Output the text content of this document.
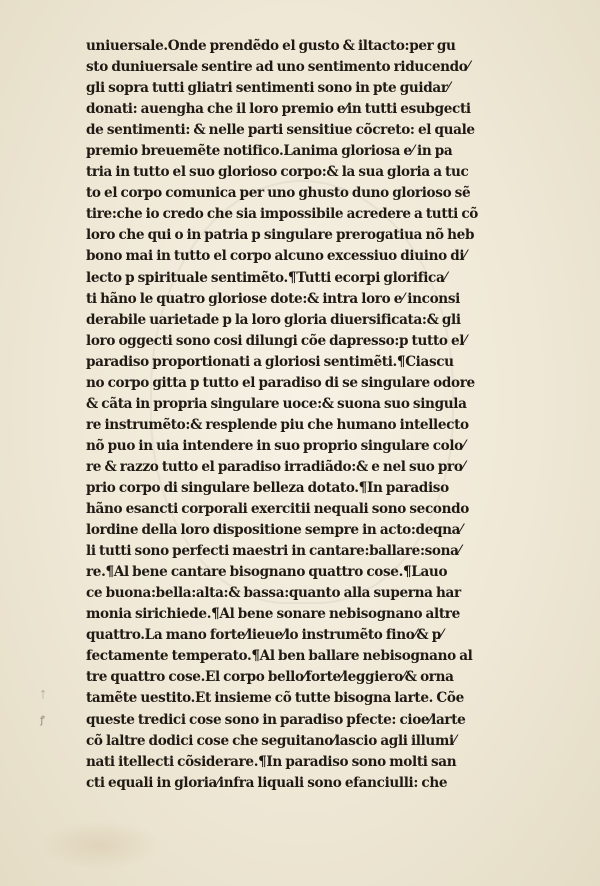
ᛏ
ꝭ
uniuersale.Onde prendẽdo el gusto & iltacto:per gu
sto duniuersale sentire ad uno sentimento riducendo⁄
gli sopra tutti gliatri sentimenti sono in pte guidar⁄
donati: auengha che il loro premio e⁄in tutti esubgecti
de sentimenti: & nelle parti sensitiue cõcreto: el quale
premio breuemẽte notifico.Lanima gloriosa e⁄ in pa
tria in tutto el suo glorioso corpo:& la sua gloria a tuc
to el corpo comunica per uno ghusto duno glorioso sẽ
tire:che io credo che sia impossibile acredere a tutti cõ
loro che qui o in patria p singulare prerogatiua nõ heb
bono mai in tutto el corpo alcuno excessiuo diuino di⁄
lecto p spirituale sentimẽto.¶Tutti ecorpi glorifica⁄
ti hãno le quatro gloriose dote:& intra loro e⁄ inconsi
derabile uarietade p la loro gloria diuersificata:& gli
loro oggecti sono cosi dilungi cõe dapresso:p tutto el⁄
paradiso proportionati a gloriosi sentimẽti.¶Ciascu
no corpo gitta p tutto el paradiso di se singulare odore
& cãta in propria singulare uoce:& suona suo singula
re instrumẽto:& resplende piu che humano intellecto
nõ puo in uia intendere in suo proprio singulare colo⁄
re & razzo tutto el paradiso irradiãdo:& e nel suo pro⁄
prio corpo di singulare belleza dotato.¶In paradiso
hãno esancti corporali exercitii nequali sono secondo
lordine della loro dispositione sempre in acto:deqna⁄
li tutti sono perfecti maestri in cantare:ballare:sona⁄
re.¶Al bene cantare bisognano quattro cose.¶Lauo
ce buona:bella:alta:& bassa:quanto alla superna har
monia sirichiede.¶Al bene sonare nebisognano altre
quattro.La mano forte⁄lieue⁄lo instrumẽto fino⁄& p⁄
fectamente temperato.¶Al ben ballare nebisognano al
tre quattro cose.El corpo bello⁄forte⁄leggiero⁄& orna
tamẽte uestito.Et insieme cõ tutte bisogna larte. Cõe
queste tredici cose sono in paradiso pfecte: cioe⁄larte
cõ laltre dodici cose che seguitano⁄lascio agli illumi⁄
nati itellecti cõsiderare.¶In paradiso sono molti san
cti equali in gloria⁄infra liquali sono efanciulli: che
